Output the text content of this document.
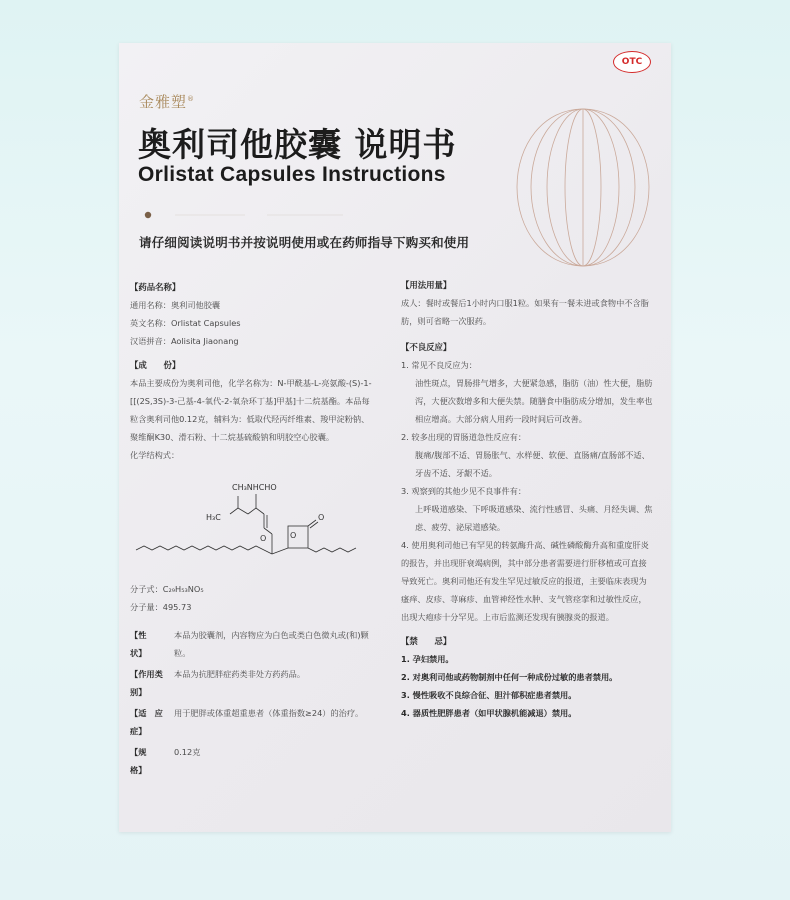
OTC
金雅塑®
奥利司他胶囊 说明书
Orlistat Capsules Instructions
请仔细阅读说明书并按说明使用或在药师指导下购买和使用
【药品名称】

通用名称：奥利司他胶囊

英文名称：Orlistat Capsules

汉语拼音：Aolisita Jiaonang

【成　　份】

本品主要成份为奥利司他，化学名称为：N-甲酰基-L-亮氨酸-(S)-1-[[(2S,3S)-3-己基-4-氧代-2-氧杂环丁基]甲基]十二烷基酯。本品每粒含奥利司他0.12克，辅料为：低取代羟丙纤维素、羧甲淀粉钠、聚维酮K30、滑石粉、十二烷基硫酸钠和明胶空心胶囊。

化学结构式：

CH₃NHCHO
H₃C
O	O
O

分子式：C₂₉H₅₃NO₅

分子量：495.73

【性　　状】
本品为胶囊剂，内容物应为白色或类白色微丸或(和)颗粒。
【作用类别】
本品为抗肥胖症药类非处方药药品。
【适　应　症】
用于肥胖或体重超重患者（体重指数≥24）的治疗。
【规　　格】
0.12克
【用法用量】

成人：餐时或餐后1小时内口服1粒。如果有一餐未进或食物中不含脂肪，则可省略一次服药。

【不良反应】

1. 常见不良反应为：

油性斑点，胃肠排气增多，大便紧急感，脂肪（油）性大便，脂肪泻，大便次数增多和大便失禁。随膳食中脂肪成分增加，发生率也相应增高。大部分病人用药一段时间后可改善。

2. 较多出现的胃肠道急性反应有：

腹痛/腹部不适、胃肠胀气、水样便、软便、直肠痛/直肠部不适、牙齿不适、牙龈不适。

3. 观察到的其他少见不良事件有：

上呼吸道感染、下呼吸道感染、流行性感冒、头痛、月经失调、焦虑、疲劳、泌尿道感染。

4. 使用奥利司他已有罕见的转氨酶升高、碱性磷酸酶升高和重度肝炎的报告，并出现肝衰竭病例，其中部分患者需要进行肝移植或可直接导致死亡。奥利司他还有发生罕见过敏反应的报道，主要临床表现为瘙痒、皮疹、荨麻疹、血管神经性水肿、支气管痉挛和过敏性反应，出现大疱疹十分罕见。上市后监测还发现有胰腺炎的报道。

【禁　　忌】

1. 孕妇禁用。

2. 对奥利司他或药物制剂中任何一种成份过敏的患者禁用。

3. 慢性吸收不良综合征、胆汁郁积症患者禁用。

4. 器质性肥胖患者（如甲状腺机能减退）禁用。
